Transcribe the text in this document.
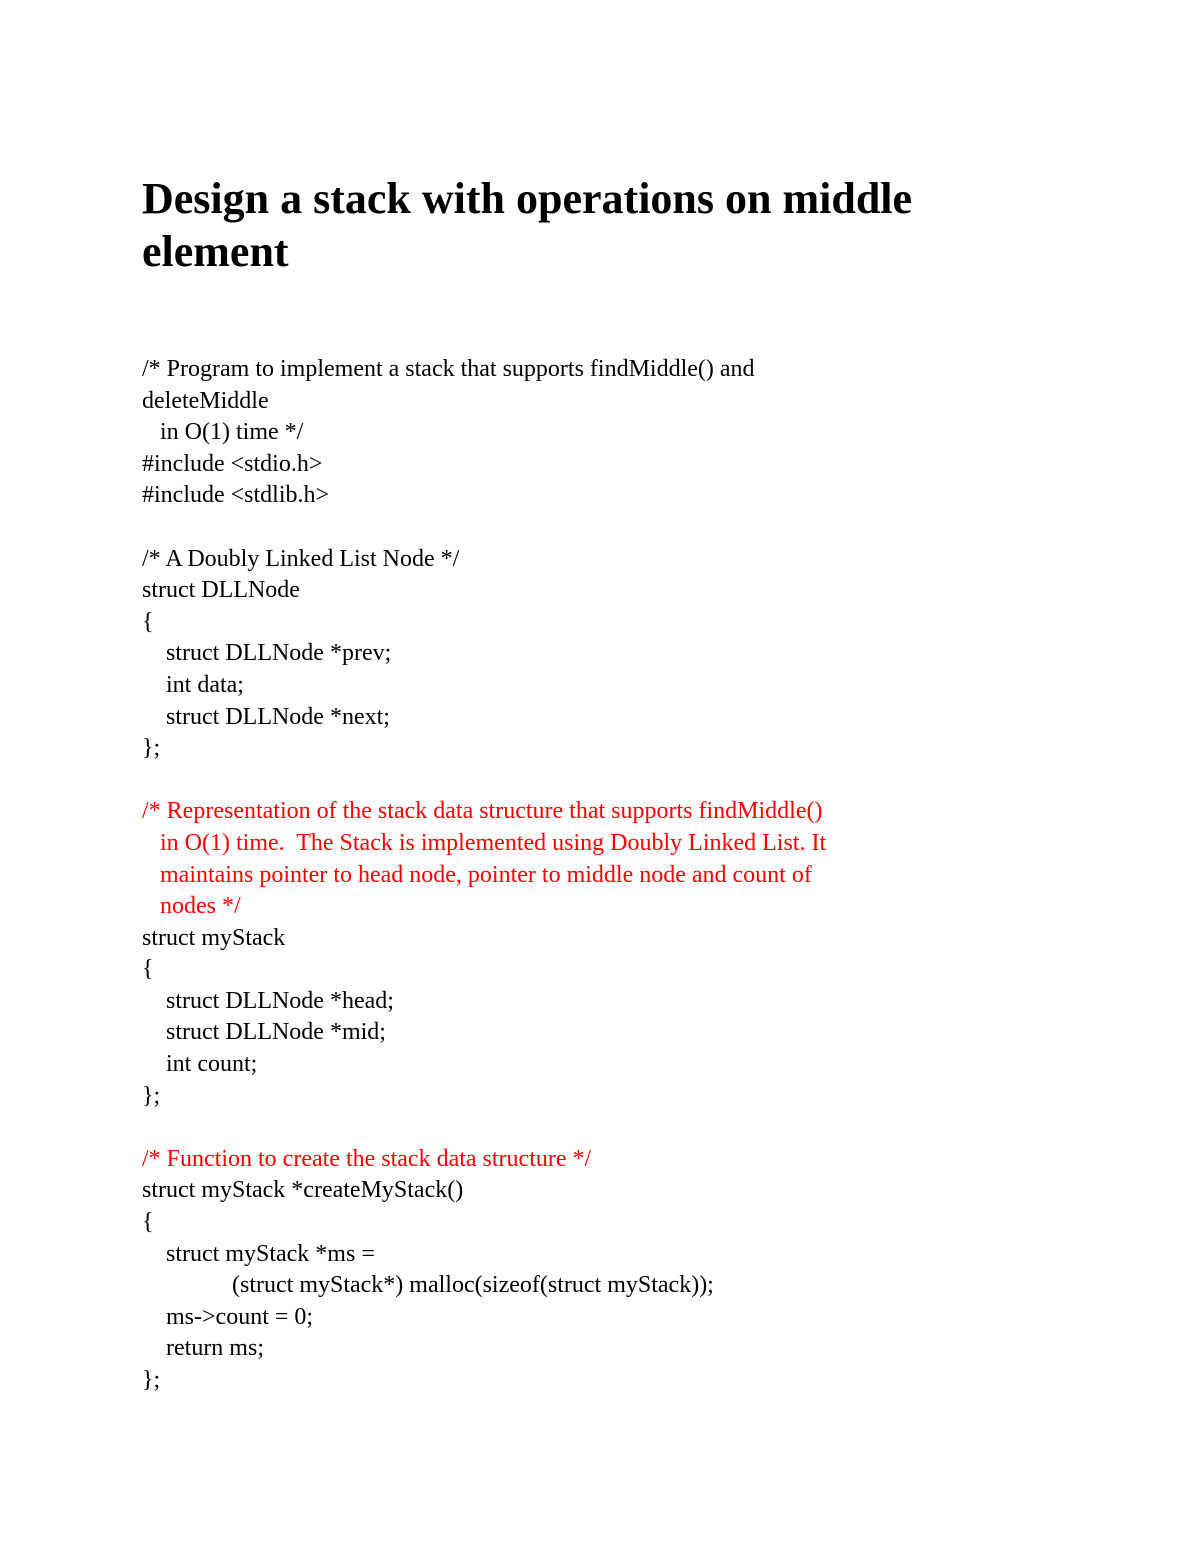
Design a stack with operations on middle
element
/* Program to implement a stack that supports findMiddle() and
deleteMiddle
in O(1) time */
#include <stdio.h>
#include <stdlib.h>

/* A Doubly Linked List Node */
struct DLLNode
{
struct DLLNode *prev;
int data;
struct DLLNode *next;
};

/* Representation of the stack data structure that supports findMiddle()
in O(1) time.  The Stack is implemented using Doubly Linked List. It
maintains pointer to head node, pointer to middle node and count of
nodes */
struct myStack
{
struct DLLNode *head;
struct DLLNode *mid;
int count;
};

/* Function to create the stack data structure */
struct myStack *createMyStack()
{
struct myStack *ms =
(struct myStack*) malloc(sizeof(struct myStack));
ms->count = 0;
return ms;
};
